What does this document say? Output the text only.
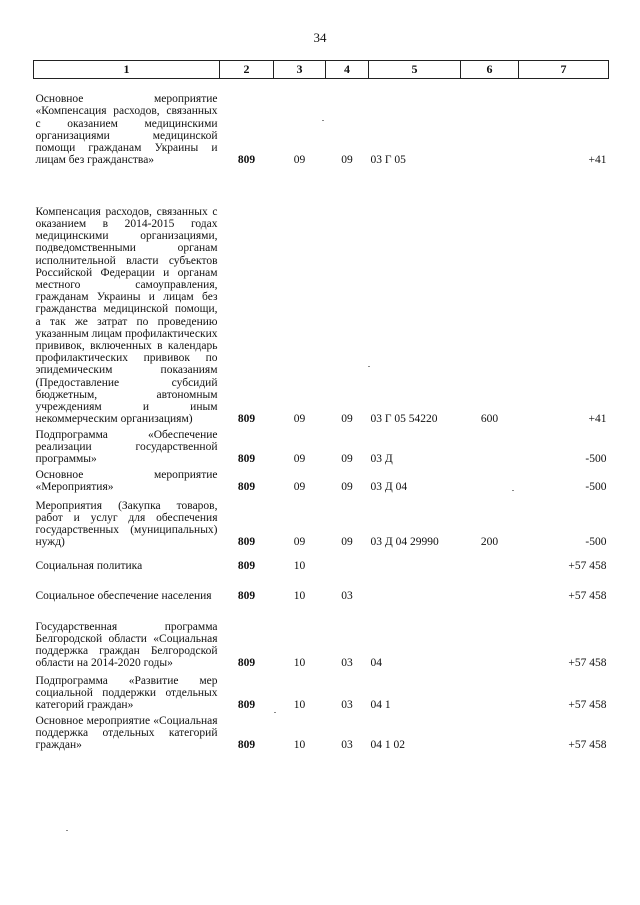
34
1	2	3	4	5	6	7
Основное мероприятие «Компенсация расходов, связанных с оказанием медицинскими организациями медицинской помощи гражданам Украины и лицам без гражданства»	809	09	09	03 Г 05		+41
Компенсация расходов, связанных с оказанием в 2014-2015 годах медицинскими организациями, подведомственными органам исполнительной власти субъектов Российской Федерации и органам местного самоуправления, гражданам Украины и лицам без гражданства медицинской помощи, а так же затрат по проведению указанным лицам профилактических прививок, включенных в календарь профилактических прививок по эпидемическим показаниям (Предоставление субсидий бюджетным, автономным учреждениям и иным некоммерческим организациям)	809	09	09	03 Г 05 54220	600	+41
Подпрограмма «Обеспечение реализации государственной программы»	809	09	09	03 Д		-500
Основное мероприятие «Мероприятия»	809	09	09	03 Д 04		-500
Мероприятия (Закупка товаров, работ и услуг для обеспечения государственных (муниципальных) нужд)	809	09	09	03 Д 04 29990	200	-500
Социальная политика	809	10				+57 458
Социальное обеспечение населения	809	10	03			+57 458
Государственная программа Белгородской области «Социальная поддержка граждан Белгородской области на 2014-2020 годы»	809	10	03	04		+57 458
Подпрограмма «Развитие мер социальной поддержки отдельных категорий граждан»	809	10	03	04 1		+57 458
Основное мероприятие «Социальная поддержка отдельных категорий граждан»	809	10	03	04 1 02		+57 458
